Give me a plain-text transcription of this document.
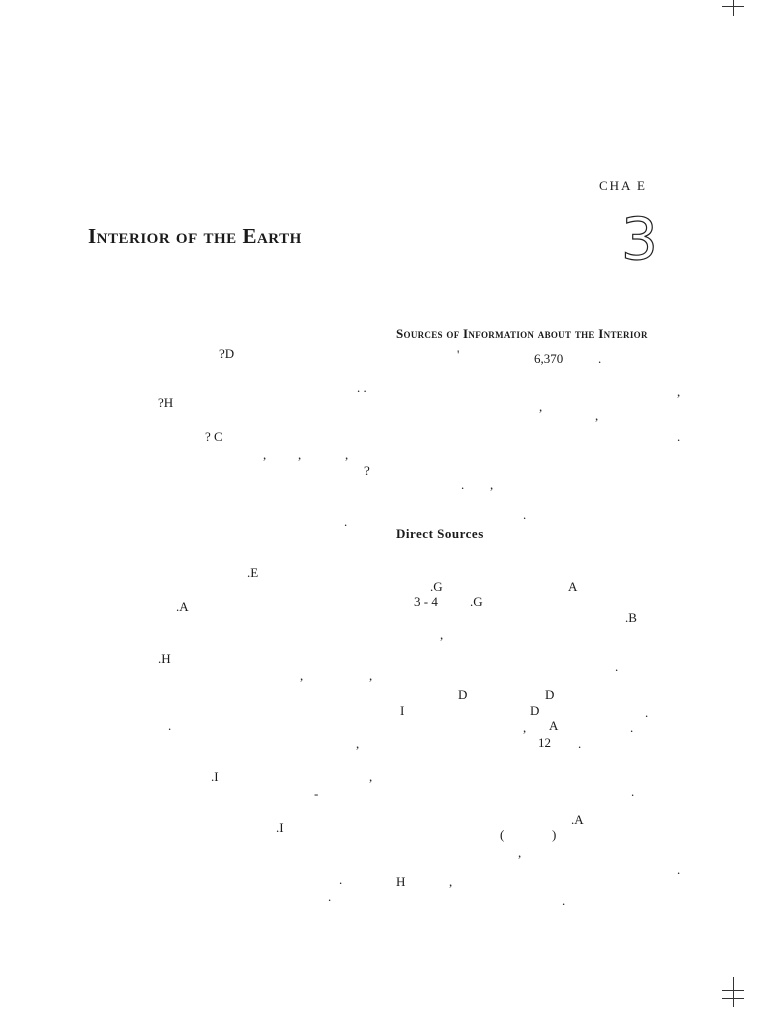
CHA E
3
Interior of the Earth
Sources of Information about the Interior
Direct Sources
?D
. .
?H
? C
, ,	,
?
.
.E
.A
.H
,	,
.
,
.I	,
-
.I
.	H	,
.
'	6,370	.
,
,
,
.
. ,
.
.G	A
3 - 4 .G
.B
,
.
D	D
I	D	.
, A	.
12 .
.
.A
(	)
,
.
.
